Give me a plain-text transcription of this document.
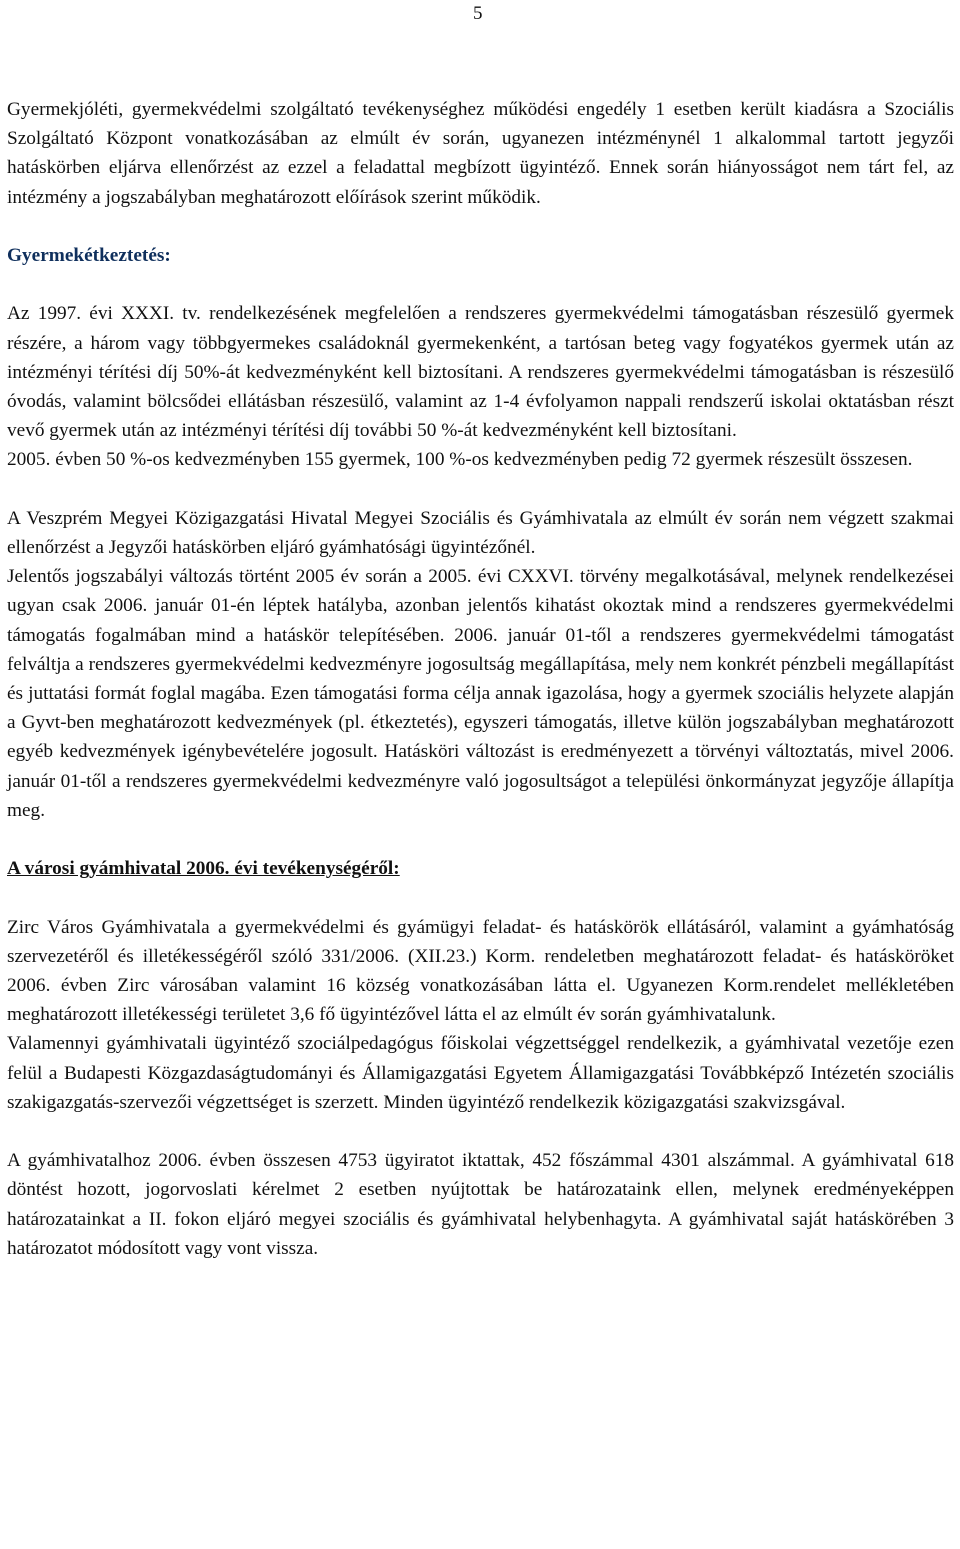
5

Gyermekjóléti, gyermekvédelmi szolgáltató tevékenységhez működési engedély 1 esetben került kiadásra a Szociális Szolgáltató Központ vonatkozásában az elmúlt év során, ugyanezen intézménynél 1 alkalommal tartott jegyzői hatáskörben eljárva ellenőrzést az ezzel a feladattal megbízott ügyintéző. Ennek során hiányosságot nem tárt fel, az intézmény a jogszabályban meghatározott előírások szerint működik.

Gyermekétkeztetés:

Az 1997. évi XXXI. tv. rendelkezésének megfelelően a rendszeres gyermekvédelmi támogatásban részesülő gyermek részére, a három vagy többgyermekes családoknál gyermekenként, a tartósan beteg vagy fogyatékos gyermek után az intézményi térítési díj 50%-át kedvezményként kell biztosítani. A rendszeres gyermekvédelmi támogatásban is részesülő óvodás, valamint bölcsődei ellátásban részesülő, valamint az 1-4 évfolyamon nappali rendszerű iskolai oktatásban részt vevő gyermek után az intézményi térítési díj további 50 %-át kedvezményként kell biztosítani.

2005. évben 50 %-os kedvezményben 155 gyermek, 100 %-os kedvezményben pedig 72 gyermek részesült összesen.

A Veszprém Megyei Közigazgatási Hivatal Megyei Szociális és Gyámhivatala az elmúlt év során nem végzett szakmai ellenőrzést a Jegyzői hatáskörben eljáró gyámhatósági ügyintézőnél.

Jelentős jogszabályi változás történt 2005 év során a 2005. évi CXXVI. törvény megalkotásával, melynek rendelkezései ugyan csak 2006. január 01-én léptek hatályba, azonban jelentős kihatást okoztak mind a rendszeres gyermekvédelmi támogatás fogalmában mind a hatáskör telepítésében. 2006. január 01-től a rendszeres gyermekvédelmi támogatást felváltja a rendszeres gyermekvédelmi kedvezményre jogosultság megállapítása, mely nem konkrét pénzbeli megállapítást és juttatási formát foglal magába. Ezen támogatási forma célja annak igazolása, hogy a gyermek szociális helyzete alapján a Gyvt-ben meghatározott kedvezmények (pl. étkeztetés), egyszeri támogatás, illetve külön jogszabályban meghatározott egyéb kedvezmények igénybevételére jogosult. Hatásköri változást is eredményezett a törvényi változtatás, mivel 2006. január 01-től a rendszeres gyermekvédelmi kedvezményre való jogosultságot a települési önkormányzat jegyzője állapítja meg.

A városi gyámhivatal 2006. évi tevékenységéről:

Zirc Város Gyámhivatala a gyermekvédelmi és gyámügyi feladat- és hatáskörök ellátásáról, valamint a gyámhatóság szervezetéről és illetékességéről szóló 331/2006. (XII.23.) Korm. rendeletben meghatározott feladat- és hatásköröket 2006. évben Zirc városában valamint 16 község vonatkozásában látta el. Ugyanezen Korm.rendelet mellékletében meghatározott illetékességi területet 3,6 fő ügyintézővel látta el az elmúlt év során gyámhivatalunk.

Valamennyi gyámhivatali ügyintéző szociálpedagógus főiskolai végzettséggel rendelkezik, a gyámhivatal vezetője ezen felül a Budapesti Közgazdaságtudományi és Államigazgatási Egyetem Államigazgatási Továbbképző Intézetén szociális szakigazgatás-szervezői végzettséget is szerzett. Minden ügyintéző rendelkezik közigazgatási szakvizsgával.

A gyámhivatalhoz 2006. évben összesen 4753 ügyiratot iktattak, 452 főszámmal 4301 alszámmal. A gyámhivatal 618 döntést hozott, jogorvoslati kérelmet 2 esetben nyújtottak be határozataink ellen, melynek eredményeképpen határozatainkat a II. fokon eljáró megyei szociális és gyámhivatal helybenhagyta. A gyámhivatal saját hatáskörében 3 határozatot módosított vagy vont vissza.
